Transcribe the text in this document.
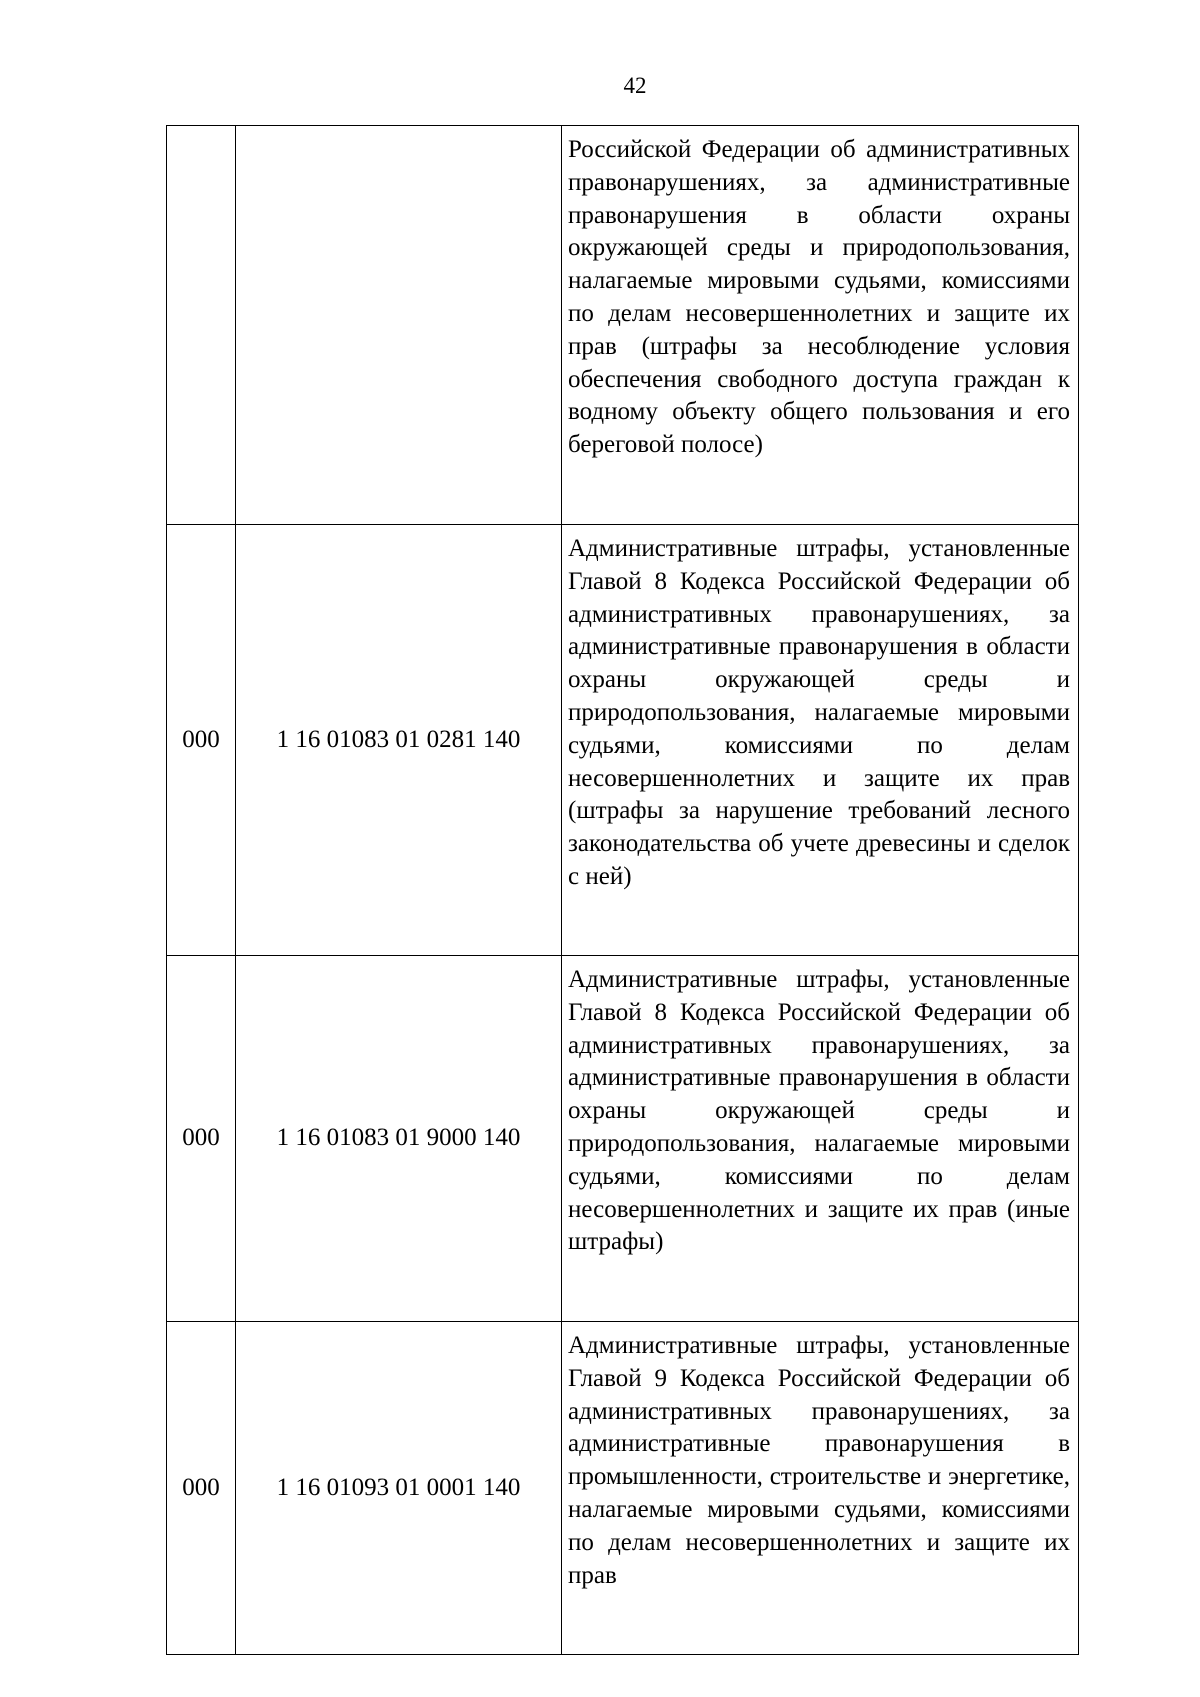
42
		Российской Федерации об административных правонарушениях, за административные правонарушения в области охраны окружающей среды и природопользования, налагаемые мировыми судьями, комиссиями по делам несовершеннолетних и защите их прав (штрафы за несоблюдение условия обеспечения свободного доступа граждан к водному объекту общего пользования и его береговой полосе)
000	1 16 01083 01 0281 140	Административные штрафы, установленные Главой 8 Кодекса Российской Федерации об административных правонарушениях, за административные правонарушения в области охраны окружающей среды и природопользования, налагаемые мировыми судьями, комиссиями по делам несовершеннолетних и защите их прав (штрафы за нарушение требований лесного законодательства об учете древесины и сделок с ней)
000	1 16 01083 01 9000 140	Административные штрафы, установленные Главой 8 Кодекса Российской Федерации об административных правонарушениях, за административные правонарушения в области охраны окружающей среды и природопользования, налагаемые мировыми судьями, комиссиями по делам несовершеннолетних и защите их прав (иные штрафы)
000	1 16 01093 01 0001 140	Административные штрафы, установленные Главой 9 Кодекса Российской Федерации об административных правонарушениях, за административные правонарушения в промышленности, строительстве и энергетике, налагаемые мировыми судьями, комиссиями по делам несовершеннолетних и защите их прав
